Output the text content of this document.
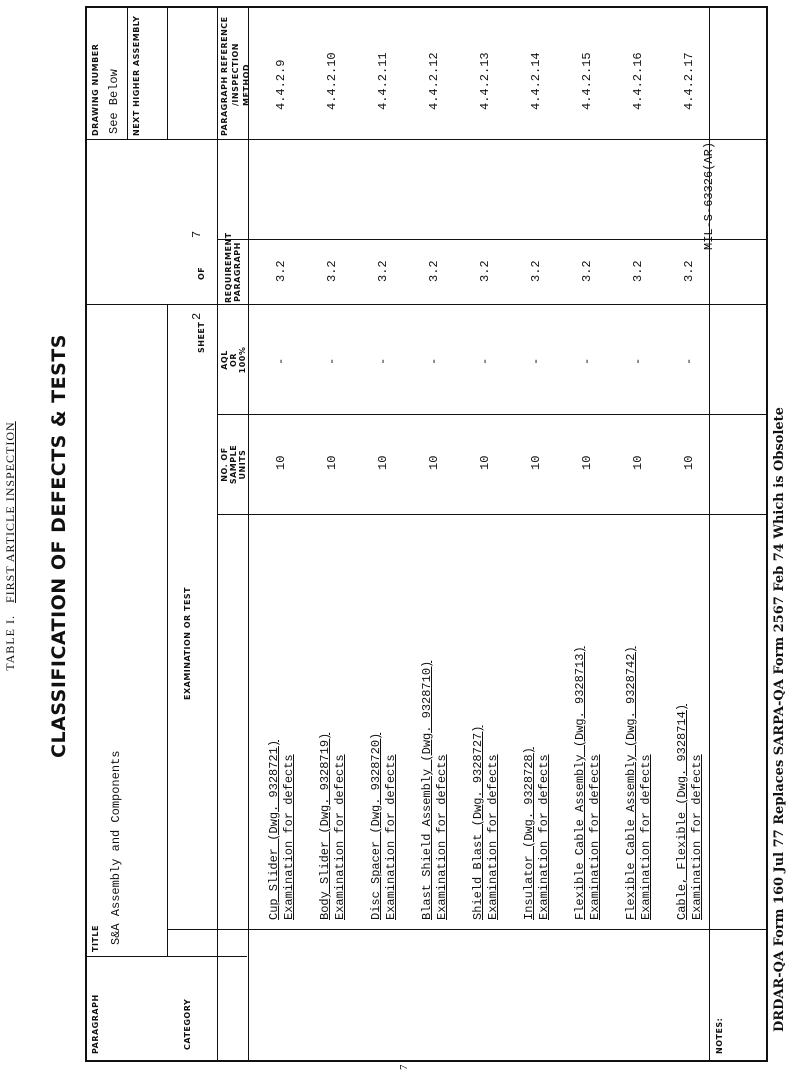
TABLE I.   FIRST ARTICLE INSPECTION CLASSIFICATION OF DEFECTS & TESTS
MIL-S-63326(AR)
PARAGRAPH
TITLE S&A Assembly and Components
CATEGORY
EXAMINATION OR TEST
SHEET
2
OF
7
DRAWING NUMBER See Below NEXT HIGHER ASSEMBLY
NO. OF SAMPLE UNITS
AQL OR 100%
REQUIREMENT PARAGRAPH
PARAGRAPH REFERENCE /INSPECTION METHOD
Cup Slider (Dwg. 9328721) Examination for defects
10
-
3.2
4.4.2.9
Body Slider (Dwg. 9328719) Examination for defects
10
-
3.2
4.4.2.10
Disc Spacer (Dwg. 9328720) Examination for defects
10
-
3.2
4.4.2.11
Blast Shield Assembly (Dwg. 9328710) Examination for defects
10
-
3.2
4.4.2.12
Shield Blast (Dwg. 9328727) Examination for defects
10
-
3.2
4.4.2.13
Insulator (Dwg. 9328728) Examination for defects
10
-
3.2
4.4.2.14
Flexible Cable Assembly (Dwg. 9328713) Examination for defects
10
-
3.2
4.4.2.15
Flexible Cable Assembly (Dwg. 9328742) Examination for defects
10
-
3.2
4.4.2.16
Cable, Flexible (Dwg. 9328714) Examination for defects
10
-
3.2
4.4.2.17
NOTES:
7
DRDAR-QA Form 160 Jul 77 Replaces SARPA-QA Form 2567 Feb 74 Which is Obsolete
